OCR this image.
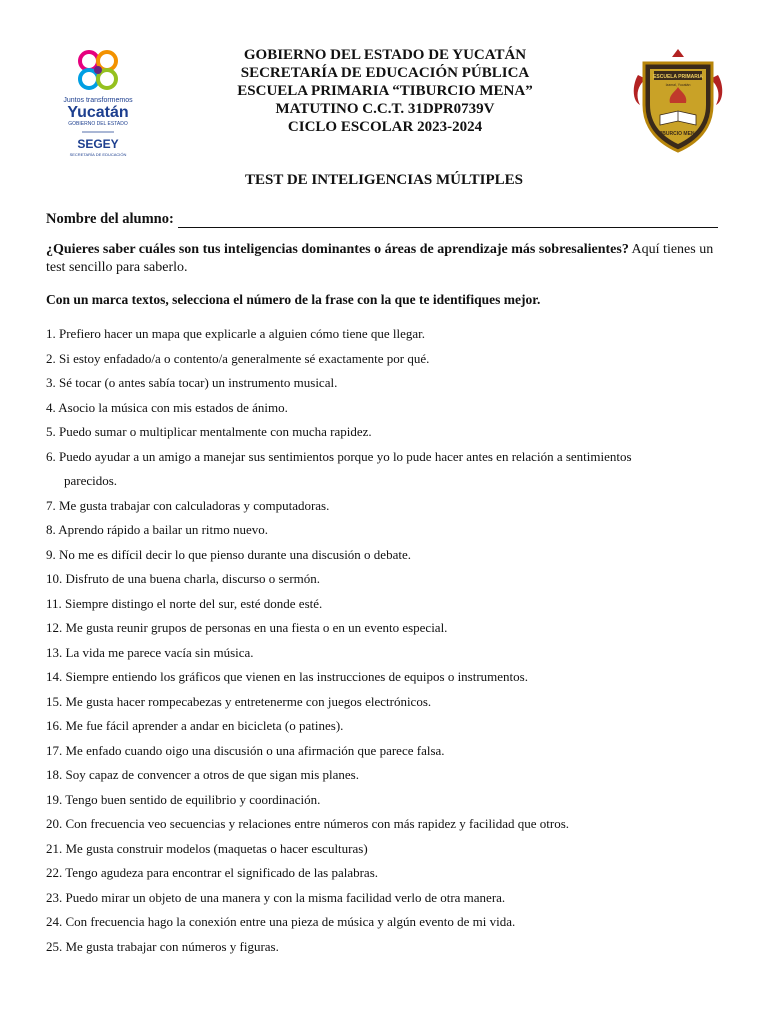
Juntos transformemos
Yucatán
GOBIERNO DEL ESTADO
SEGEY
SECRETARÍA DE EDUCACIÓN
GOBIERNO DEL ESTADO DE YUCATÁN
SECRETARÍA DE EDUCACIÓN PÚBLICA
ESCUELA PRIMARIA “TIBURCIO MENA”
MATUTINO C.C.T. 31DPR0739V
CICLO ESCOLAR 2023-2024
ESCUELA PRIMARIA
Izamal, Yucatán
TIBURCIO MENA
TEST DE INTELIGENCIAS MÚLTIPLES
Nombre del alumno:
¿Quieres saber cuáles son tus inteligencias dominantes o áreas de aprendizaje más sobresalientes? Aquí tienes un test sencillo para saberlo.
Con un marca textos, selecciona el número de la frase con la que te identifiques mejor.
1. Prefiero hacer un mapa que explicarle a alguien cómo tiene que llegar.
2. Si estoy enfadado/a o contento/a generalmente sé exactamente por qué.
3. Sé tocar (o antes sabía tocar) un instrumento musical.
4. Asocio la música con mis estados de ánimo.
5. Puedo sumar o multiplicar mentalmente con mucha rapidez.
6. Puedo ayudar a un amigo a manejar sus sentimientos porque yo lo pude hacer antes en relación a sentimientos
parecidos.
7. Me gusta trabajar con calculadoras y computadoras.
8. Aprendo rápido a bailar un ritmo nuevo.
9. No me es difícil decir lo que pienso durante una discusión o debate.
10. Disfruto de una buena charla, discurso o sermón.
11. Siempre distingo el norte del sur, esté donde esté.
12. Me gusta reunir grupos de personas en una fiesta o en un evento especial.
13. La vida me parece vacía sin música.
14. Siempre entiendo los gráficos que vienen en las instrucciones de equipos o instrumentos.
15. Me gusta hacer rompecabezas y entretenerme con juegos electrónicos.
16. Me fue fácil aprender a andar en bicicleta (o patines).
17. Me enfado cuando oigo una discusión o una afirmación que parece falsa.
18. Soy capaz de convencer a otros de que sigan mis planes.
19. Tengo buen sentido de equilibrio y coordinación.
20. Con frecuencia veo secuencias y relaciones entre números con más rapidez y facilidad que otros.
21. Me gusta construir modelos (maquetas o hacer esculturas)
22. Tengo agudeza para encontrar el significado de las palabras.
23. Puedo mirar un objeto de una manera y con la misma facilidad verlo de otra manera.
24. Con frecuencia hago la conexión entre una pieza de música y algún evento de mi vida.
25. Me gusta trabajar con números y figuras.
